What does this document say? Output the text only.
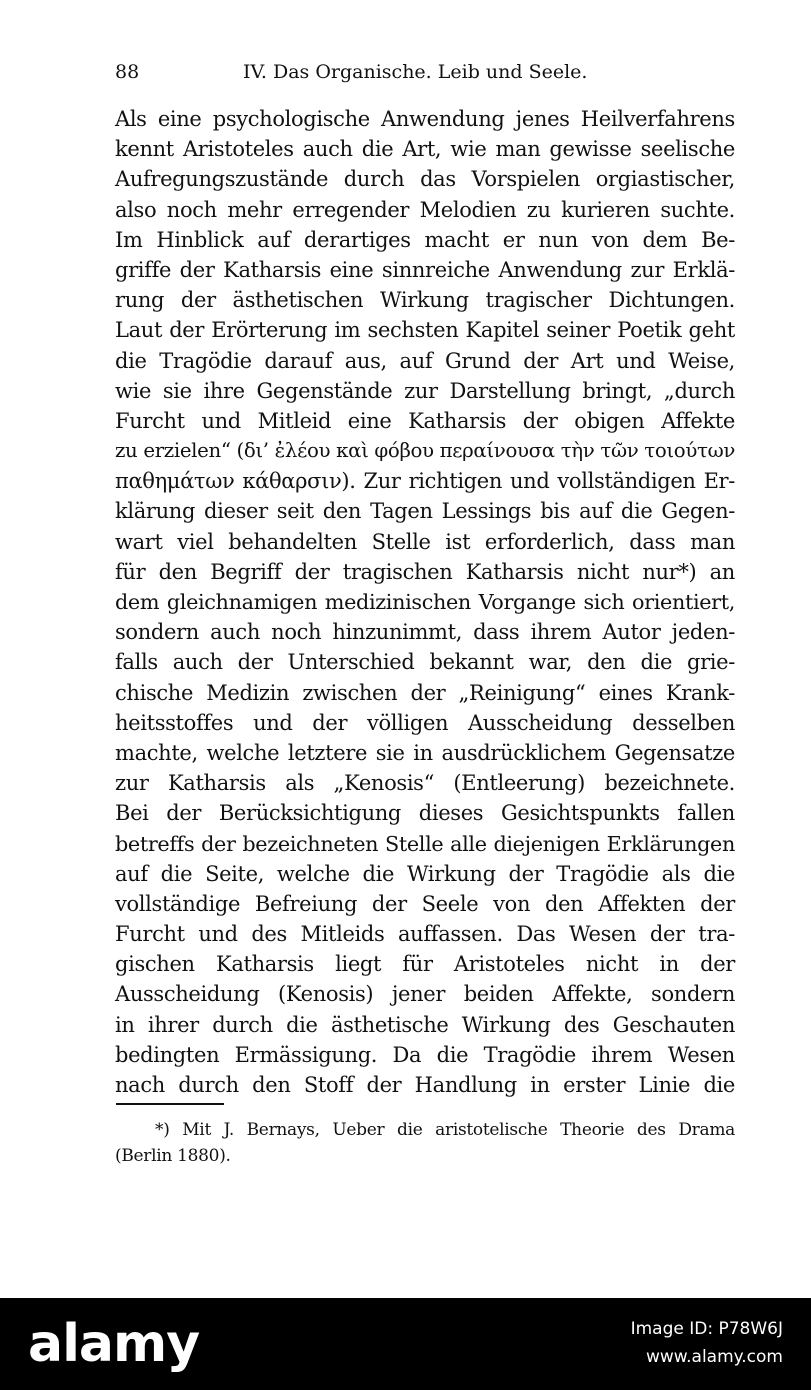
88	IV. Das Organische. Leib und Seele.
Als eine psychologische Anwendung jenes Heilverfahrens
kennt Aristoteles auch die Art, wie man gewisse seelische
Aufregungszustände durch das Vorspielen orgiastischer,
also noch mehr erregender Melodien zu kurieren suchte.
Im Hinblick auf derartiges macht er nun von dem Be-
griffe der Katharsis eine sinnreiche Anwendung zur Erklä-
rung der ästhetischen Wirkung tragischer Dichtungen.
Laut der Erörterung im sechsten Kapitel seiner Poetik geht
die Tragödie darauf aus, auf Grund der Art und Weise,
wie sie ihre Gegenstände zur Darstellung bringt, „durch
Furcht und Mitleid eine Katharsis der obigen Affekte
zu erzielen“ (δι’ ἐλέου καὶ φόβου περαίνουσα τὴν τῶν τοιούτων
παθημάτων κάθαρσιν). Zur richtigen und vollständigen Er-
klärung dieser seit den Tagen Lessings bis auf die Gegen-
wart viel behandelten Stelle ist erforderlich, dass man
für den Begriff der tragischen Katharsis nicht nur*) an
dem gleichnamigen medizinischen Vorgange sich orientiert,
sondern auch noch hinzunimmt, dass ihrem Autor jeden-
falls auch der Unterschied bekannt war, den die grie-
chische Medizin zwischen der „Reinigung“ eines Krank-
heitsstoffes und der völligen Ausscheidung desselben
machte, welche letztere sie in ausdrücklichem Gegensatze
zur Katharsis als „Kenosis“ (Entleerung) bezeichnete.
Bei der Berücksichtigung dieses Gesichtspunkts fallen
betreffs der bezeichneten Stelle alle diejenigen Erklärungen
auf die Seite, welche die Wirkung der Tragödie als die
vollständige Befreiung der Seele von den Affekten der
Furcht und des Mitleids auffassen. Das Wesen der tra-
gischen Katharsis liegt für Aristoteles nicht in der
Ausscheidung (Kenosis) jener beiden Affekte, sondern
in ihrer durch die ästhetische Wirkung des Geschauten
bedingten Ermässigung. Da die Tragödie ihrem Wesen
nach durch den Stoff der Handlung in erster Linie die
*) Mit J. Bernays, Ueber die aristotelische Theorie des Drama
(Berlin 1880).
alamy	Image ID: P78W6J
www.alamy.com
